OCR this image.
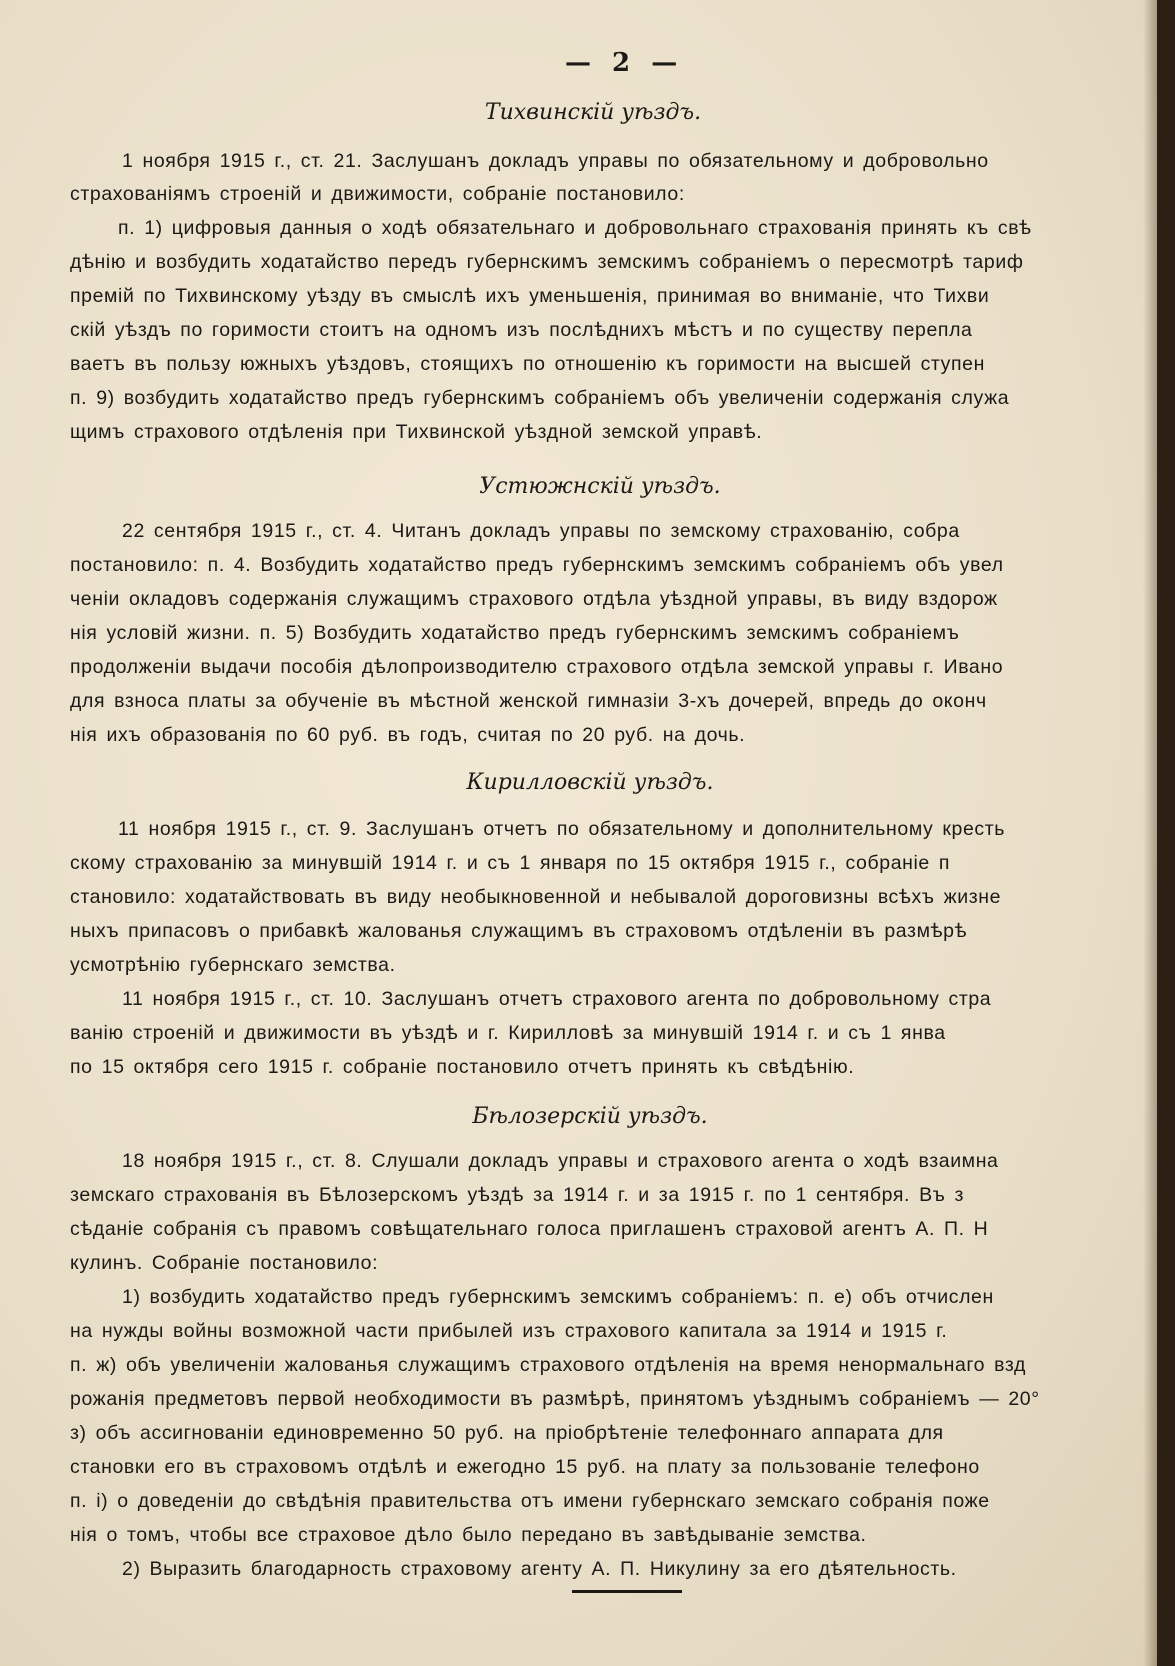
— 2 —
Тихвинскій уѣздъ.
1 ноября 1915 г., ст. 21. Заслушанъ докладъ управы по обязательному и добровольно
страхованіямъ строеній и движимости, собраніе постановило:
п. 1) цифровыя данныя о ходѣ обязательнаго и добровольнаго страхованія принять къ свѣ
дѣнію и возбудить ходатайство передъ губернскимъ земскимъ собраніемъ о пересмотрѣ тариф
премій по Тихвинскому уѣзду въ смыслѣ ихъ уменьшенія, принимая во вниманіе, что Тихви
скій уѣздъ по горимости стоитъ на одномъ изъ послѣднихъ мѣстъ и по существу перепла
ваетъ въ пользу южныхъ уѣздовъ, стоящихъ по отношенію къ горимости на высшей ступен
п. 9) возбудить ходатайство предъ губернскимъ собраніемъ объ увеличеніи содержанія служа
щимъ страхового отдѣленія при Тихвинской уѣздной земской управѣ.
Устюжнскій уѣздъ.
22 сентября 1915 г., ст. 4. Читанъ докладъ управы по земскому страхованію, собра
постановило: п. 4. Возбудить ходатайство предъ губернскимъ земскимъ собраніемъ объ увел
ченіи окладовъ содержанія служащимъ страхового отдѣла уѣздной управы, въ виду вздорож
нія условій жизни. п. 5) Возбудить ходатайство предъ губернскимъ земскимъ собраніемъ
продолженіи выдачи пособія дѣлопроизводителю страхового отдѣла земской управы г. Ивано
для взноса платы за обученіе въ мѣстной женской гимназіи 3-хъ дочерей, впредь до оконч
нія ихъ образованія по 60 руб. въ годъ, считая по 20 руб. на дочь.
Кирилловскій уѣздъ.
11 ноября 1915 г., ст. 9. Заслушанъ отчетъ по обязательному и дополнительному кресть
скому страхованію за минувшій 1914 г. и съ 1 января по 15 октября 1915 г., собраніе п
становило: ходатайствовать въ виду необыкновенной и небывалой дороговизны всѣхъ жизне
ныхъ припасовъ о прибавкѣ жалованья служащимъ въ страховомъ отдѣленіи въ размѣрѣ
усмотрѣнію губернскаго земства.
11 ноября 1915 г., ст. 10. Заслушанъ отчетъ страхового агента по добровольному стра
ванію строеній и движимости въ уѣздѣ и г. Кирилловѣ за минувшій 1914 г. и съ 1 янва
по 15 октября сего 1915 г. собраніе постановило отчетъ принять къ свѣдѣнію.
Бѣлозерскій уѣздъ.
18 ноября 1915 г., ст. 8. Слушали докладъ управы и страхового агента о ходѣ взаимна
земскаго страхованія въ Бѣлозерскомъ уѣздѣ за 1914 г. и за 1915 г. по 1 сентября. Въ з
сѣданіе собранія съ правомъ совѣщательнаго голоса приглашенъ страховой агентъ А. П. Н
кулинъ. Собраніе постановило:
1) возбудить ходатайство предъ губернскимъ земскимъ собраніемъ: п. е) объ отчислен
на нужды войны возможной части прибылей изъ страхового капитала за 1914 и 1915 г.
п. ж) объ увеличеніи жалованья служащимъ страхового отдѣленія на время ненормальнаго взд
рожанія предметовъ первой необходимости въ размѣрѣ, принятомъ уѣзднымъ собраніемъ — 20°
з) объ ассигнованіи единовременно 50 руб. на пріобрѣтеніе телефоннаго аппарата для
становки его въ страховомъ отдѣлѣ и ежегодно 15 руб. на плату за пользованіе телефоно
п. і) о доведеніи до свѣдѣнія правительства отъ имени губернскаго земскаго собранія поже
нія о томъ, чтобы все страховое дѣло было передано въ завѣдываніе земства.
2) Выразить благодарность страховому агенту А. П. Никулину за его дѣятельность.
